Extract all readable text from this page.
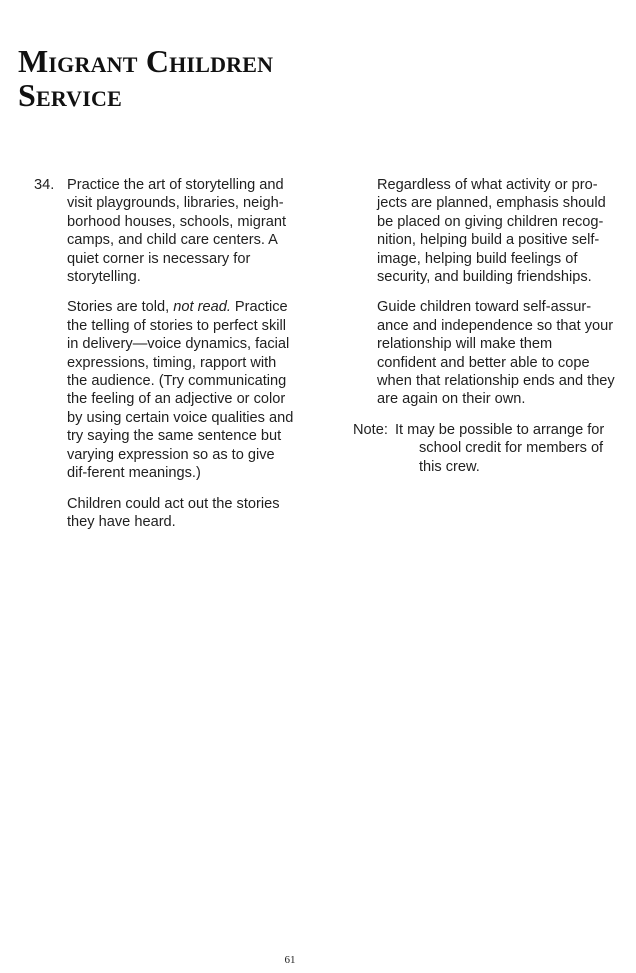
Migrant Children
Service
34. Practice the art of storytelling and visit playgrounds, libraries, neigh-borhood houses, schools, migrant camps, and child care centers. A quiet corner is necessary for storytelling.

Stories are told, not read. Practice the telling of stories to perfect skill in delivery—voice dynamics, facial expressions, timing, rapport with the audience. (Try communicating the feeling of an adjective or color by using certain voice qualities and try saying the same sentence but varying expression so as to give dif-ferent meanings.)

Children could act out the stories they have heard.

Regardless of what activity or pro-jects are planned, emphasis should be placed on giving children recog-nition, helping build a positive self-image, helping build feelings of security, and building friendships.

Guide children toward self-assur-ance and independence so that your relationship will make them confident and better able to cope when that relationship ends and they are again on their own.

Note: It may be possible to arrange for school credit for members of this crew.
61
